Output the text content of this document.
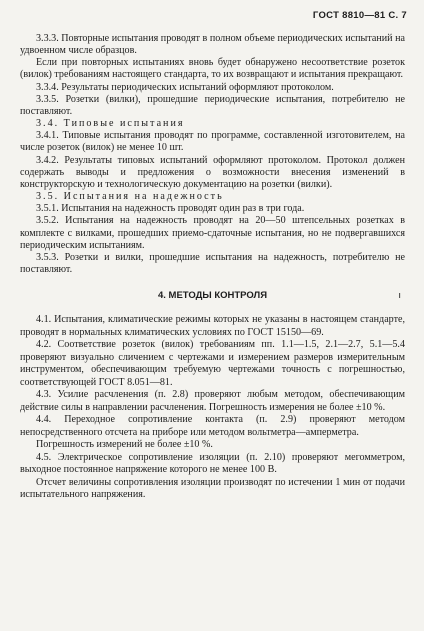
ГОСТ 8810—81 С. 7

3.3.3. Повторные испытания проводят в полном объеме периодических испытаний на удвоенном числе образцов.

Если при повторных испытаниях вновь будет обнаружено несоответствие розеток (вилок) требованиям настоящего стандарта, то их возвращают и испытания прекращают.

3.3.4. Результаты периодических испытаний оформляют протоколом.

3.3.5. Розетки (вилки), прошедшие периодические испытания, потребителю не поставляют.

3.4. Типовые испытания

3.4.1. Типовые испытания проводят по программе, составленной изготовителем, на числе розеток (вилок) не менее 10 шт.

3.4.2. Результаты типовых испытаний оформляют протоколом. Протокол должен содержать выводы и предложения о возможности внесения изменений в конструкторскую и технологическую документацию на розетки (вилки).

3.5. Испытания на надежность

3.5.1. Испытания на надежность проводят один раз в три года.

3.5.2. Испытания на надежность проводят на 20—50 штепсельных розетках в комплекте с вилками, прошедших приемо-сдаточные испытания, но не подвергавшихся периодическим испытаниям.

3.5.3. Розетки и вилки, прошедшие испытания на надежность, потребителю не поставляют.

4. МЕТОДЫ КОНТРОЛЯ	ı

4.1. Испытания, климатические режимы которых не указаны в настоящем стандарте, проводят в нормальных климатических условиях по ГОСТ 15150—69.

4.2. Соответствие розеток (вилок) требованиям пп. 1.1—1.5, 2.1—2.7, 5.1—5.4 проверяют визуально сличением с чертежами и измерением размеров измерительным инструментом, обеспечивающим требуемую чертежами точность с погрешностью, соответствующей ГОСТ 8.051—81.

4.3. Усилие расчленения (п. 2.8) проверяют любым методом, обеспечивающим действие силы в направлении расчленения. Погрешность измерения не более ±10 %.

4.4. Переходное сопротивление контакта (п. 2.9) проверяют методом непосредственного отсчета на приборе или методом вольтметра—амперметра.

Погрешность измерений не более ±10 %.

4.5. Электрическое сопротивление изоляции (п. 2.10) проверяют мегомметром, выходное постоянное напряжение которого не менее 100 В.

Отсчет величины сопротивления изоляции производят по истечении 1 мин от подачи испытательного напряжения.
